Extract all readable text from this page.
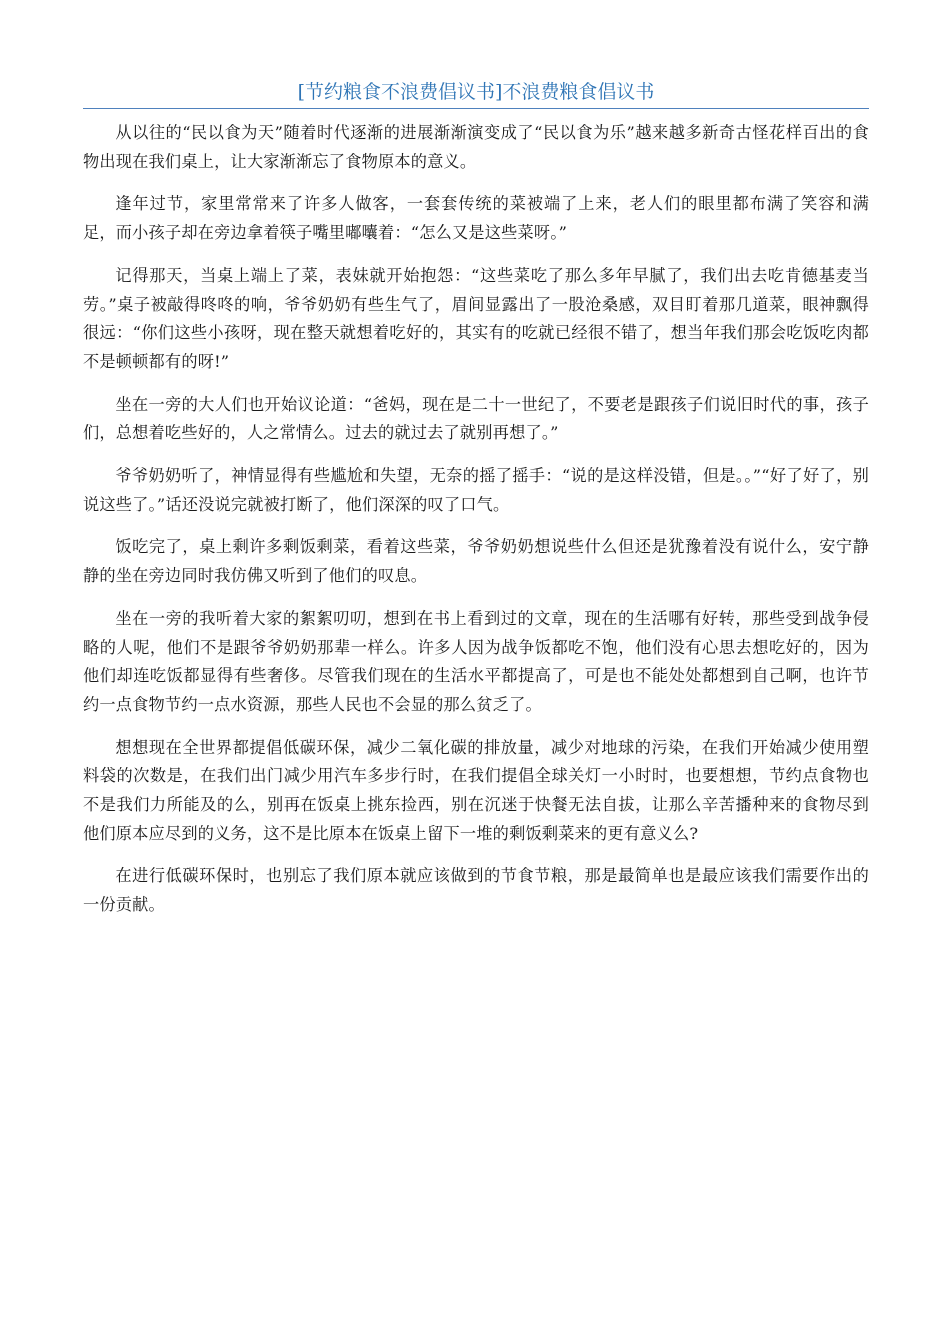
[节约粮食不浪费倡议书]不浪费粮食倡议书

从以往的“民以食为天”随着时代逐渐的进展渐渐演变成了“民以食为乐”越来越多新奇古怪花样百出的食物出现在我们桌上，让大家渐渐忘了食物原本的意义。

逢年过节，家里常常来了许多人做客，一套套传统的菜被端了上来，老人们的眼里都布满了笑容和满足，而小孩子却在旁边拿着筷子嘴里嘟囔着：“怎么又是这些菜呀。”

记得那天，当桌上端上了菜，表妹就开始抱怨：“这些菜吃了那么多年早腻了，我们出去吃肯德基麦当劳。”桌子被敲得咚咚的响，爷爷奶奶有些生气了，眉间显露出了一股沧桑感，双目盯着那几道菜，眼神飘得很远：“你们这些小孩呀，现在整天就想着吃好的，其实有的吃就已经很不错了，想当年我们那会吃饭吃肉都不是顿顿都有的呀!”

坐在一旁的大人们也开始议论道：“爸妈，现在是二十一世纪了，不要老是跟孩子们说旧时代的事，孩子们，总想着吃些好的，人之常情么。过去的就过去了就别再想了。”

爷爷奶奶听了，神情显得有些尴尬和失望，无奈的摇了摇手：“说的是这样没错，但是。。”“好了好了，别说这些了。”话还没说完就被打断了，他们深深的叹了口气。

饭吃完了，桌上剩许多剩饭剩菜，看着这些菜，爷爷奶奶想说些什么但还是犹豫着没有说什么，安宁静静的坐在旁边同时我仿佛又听到了他们的叹息。

坐在一旁的我听着大家的絮絮叨叨，想到在书上看到过的文章，现在的生活哪有好转，那些受到战争侵略的人呢，他们不是跟爷爷奶奶那辈一样么。许多人因为战争饭都吃不饱，他们没有心思去想吃好的，因为他们却连吃饭都显得有些奢侈。尽管我们现在的生活水平都提高了，可是也不能处处都想到自己啊，也许节约一点食物节约一点水资源，那些人民也不会显的那么贫乏了。

想想现在全世界都提倡低碳环保，减少二氧化碳的排放量，减少对地球的污染，在我们开始减少使用塑料袋的次数是，在我们出门减少用汽车多步行时，在我们提倡全球关灯一小时时，也要想想，节约点食物也不是我们力所能及的么，别再在饭桌上挑东捡西，别在沉迷于快餐无法自拔，让那么辛苦播种来的食物尽到他们原本应尽到的义务，这不是比原本在饭桌上留下一堆的剩饭剩菜来的更有意义么?

在进行低碳环保时，也别忘了我们原本就应该做到的节食节粮，那是最简单也是最应该我们需要作出的一份贡献。
